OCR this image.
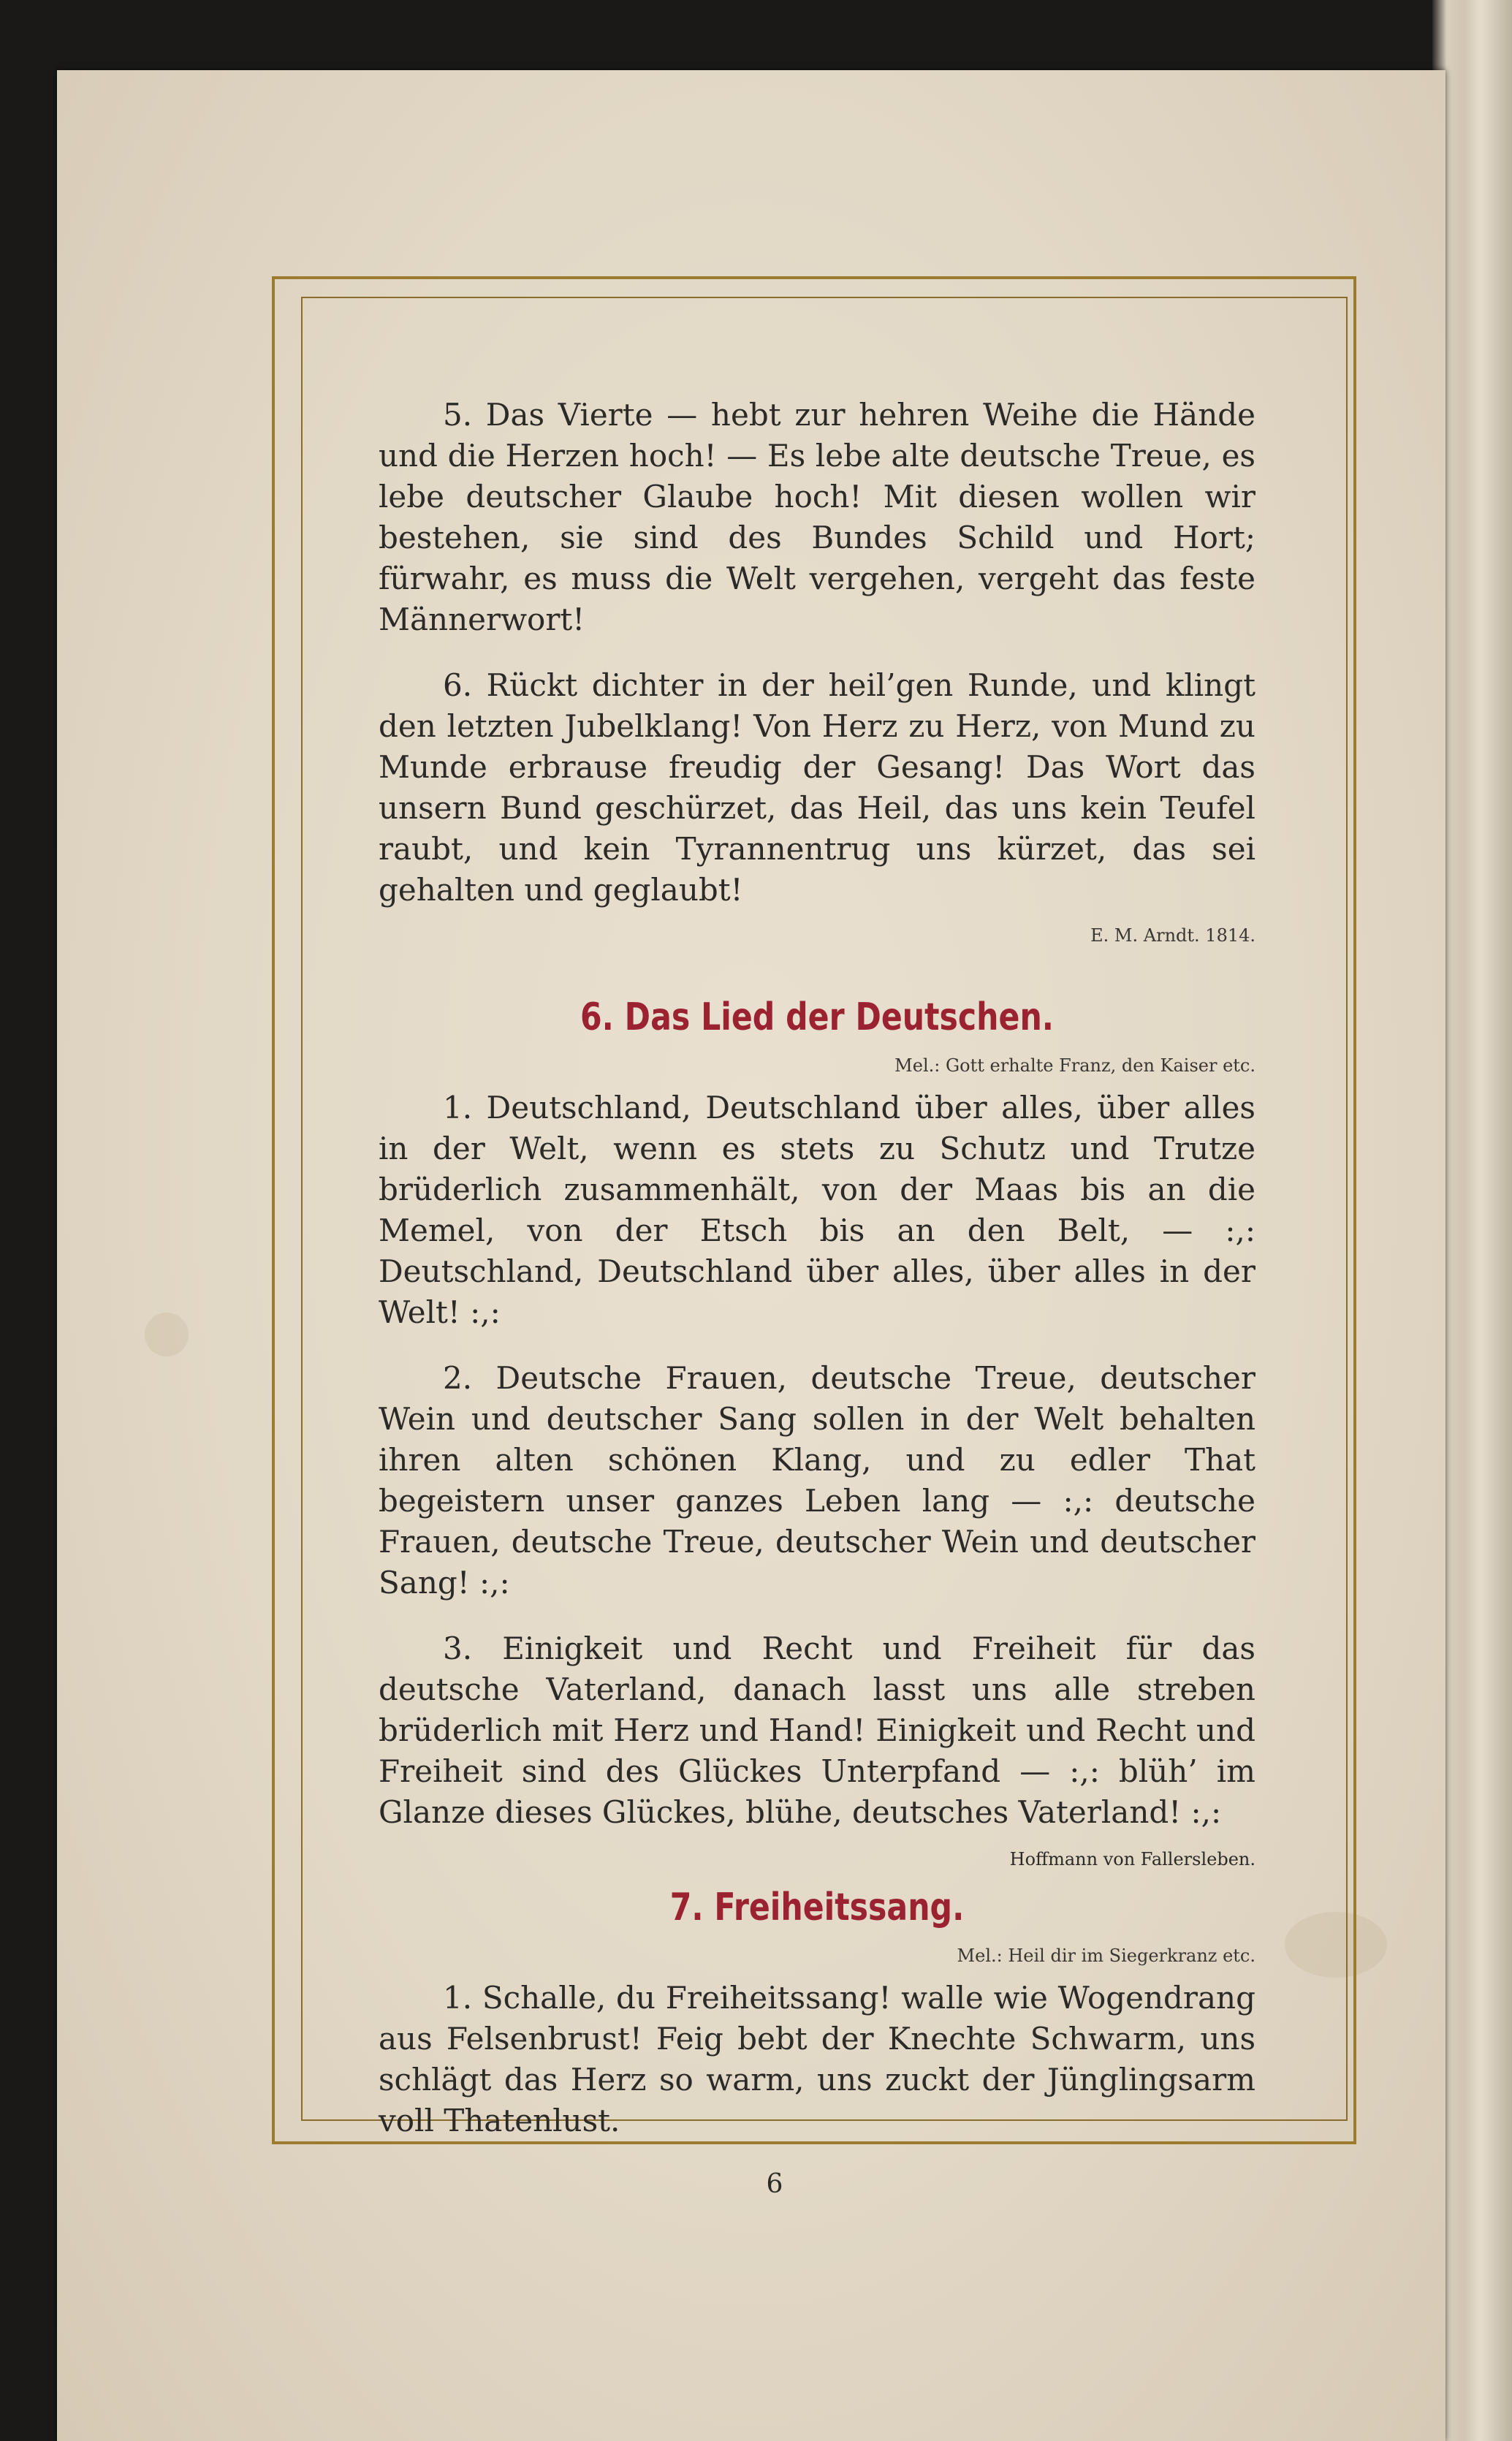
5. Das Vierte — hebt zur hehren Weihe die Hände und die Herzen hoch! — Es lebe alte deutsche Treue, es lebe deutscher Glaube hoch! Mit diesen wollen wir bestehen, sie sind des Bundes Schild und Hort; fürwahr, es muss die Welt vergehen, vergeht das feste Männerwort!

6. Rückt dichter in der heil’gen Runde, und klingt den letzten Jubelklang! Von Herz zu Herz, von Mund zu Munde erbrause freudig der Gesang! Das Wort das unsern Bund geschürzet, das Heil, das uns kein Teufel raubt, und kein Tyrannentrug uns kürzet, das sei gehalten und geglaubt!

E. M. Arndt. 1814.
6. Das Lied der Deutschen.
Mel.: Gott erhalte Franz, den Kaiser etc.

1. Deutschland, Deutschland über alles, über alles in der Welt, wenn es stets zu Schutz und Trutze brüderlich zusammenhält, von der Maas bis an die Memel, von der Etsch bis an den Belt, — :,: Deutschland, Deutschland über alles, über alles in der Welt! :,:

2. Deutsche Frauen, deutsche Treue, deutscher Wein und deutscher Sang sollen in der Welt behalten ihren alten schönen Klang, und zu edler That begeistern unser ganzes Leben lang — :,: deutsche Frauen, deutsche Treue, deutscher Wein und deutscher Sang! :,:

3. Einigkeit und Recht und Freiheit für das deutsche Vaterland, danach lasst uns alle streben brüderlich mit Herz und Hand! Einigkeit und Recht und Freiheit sind des Glückes Unterpfand — :,: blüh’ im Glanze dieses Glückes, blühe, deutsches Vaterland! :,:
Hoffmann von Fallersleben.

7. Freiheitssang.
Mel.: Heil dir im Siegerkranz etc.

1. Schalle, du Freiheitssang! walle wie Wogendrang aus Felsenbrust! Feig bebt der Knechte Schwarm, uns schlägt das Herz so warm, uns zuckt der Jünglingsarm voll Thatenlust.

6
